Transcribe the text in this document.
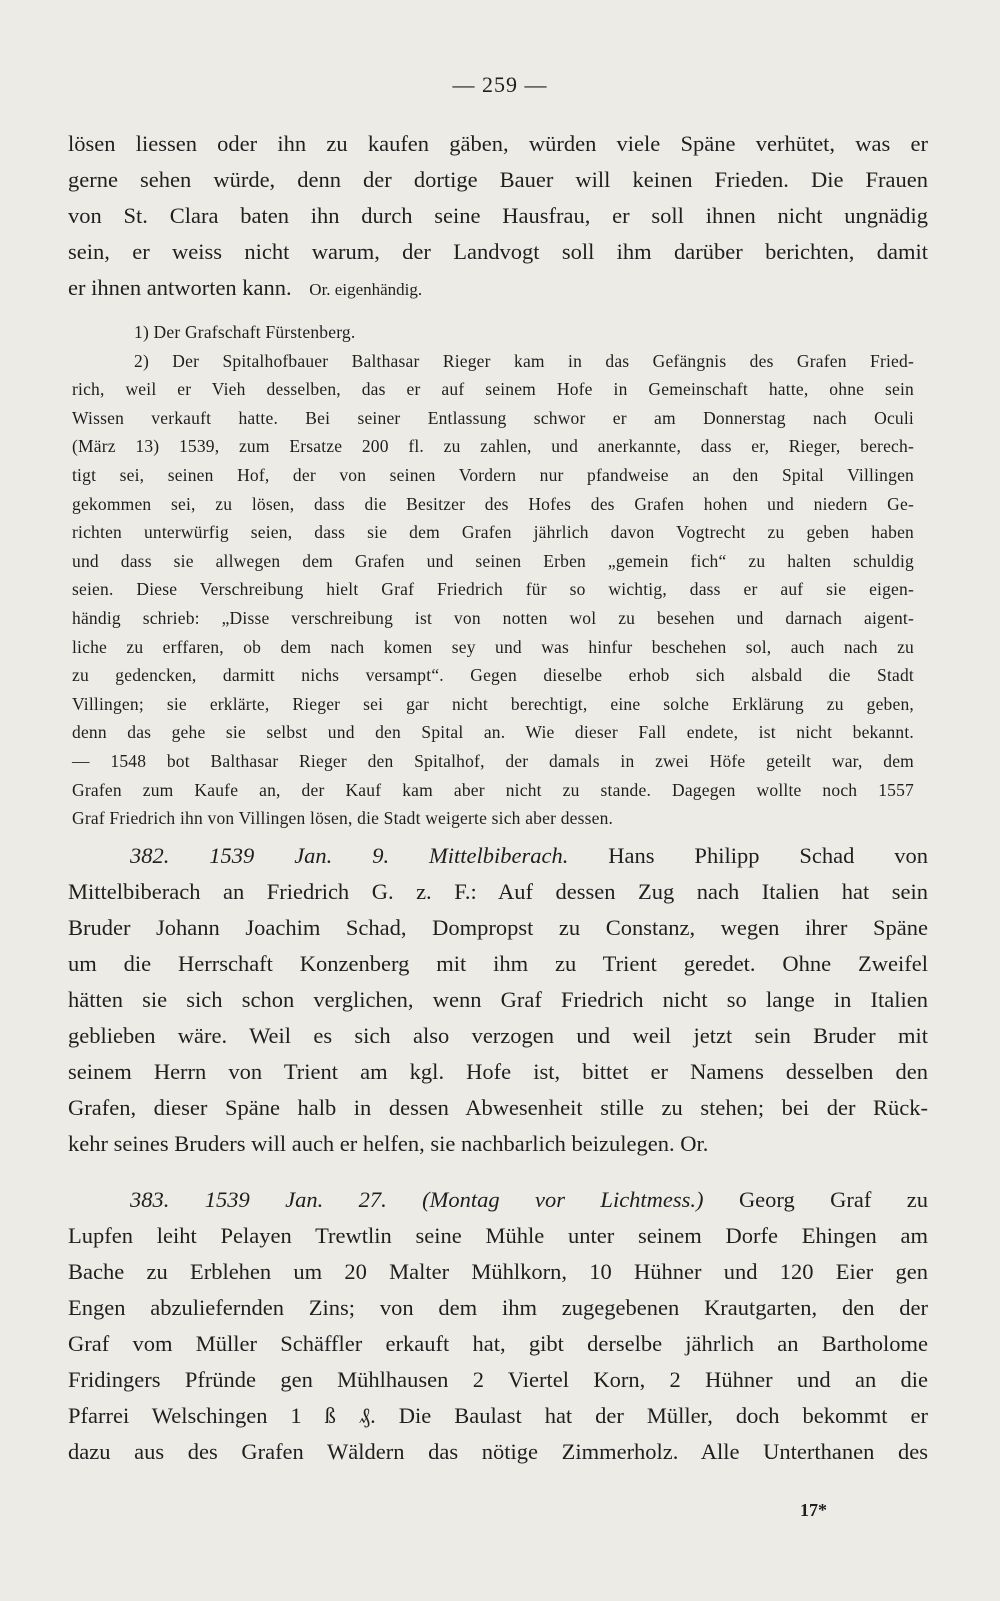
— 259 —
lösen liessen oder ihn zu kaufen gäben, würden viele Späne verhütet, was er
gerne sehen würde, denn der dortige Bauer will keinen Frieden. Die Frauen
von St. Clara baten ihn durch seine Hausfrau, er soll ihnen nicht ungnädig
sein, er weiss nicht warum, der Landvogt soll ihm darüber berichten, damit
er ihnen antworten kann. Or. eigenhändig.
1) Der Grafschaft Fürstenberg.
2) Der Spitalhofbauer Balthasar Rieger kam in das Gefängnis des Grafen Fried-
rich, weil er Vieh desselben, das er auf seinem Hofe in Gemeinschaft hatte, ohne sein
Wissen verkauft hatte. Bei seiner Entlassung schwor er am Donnerstag nach Oculi
(März 13) 1539, zum Ersatze 200 fl. zu zahlen, und anerkannte, dass er, Rieger, berech-
tigt sei, seinen Hof, der von seinen Vordern nur pfandweise an den Spital Villingen
gekommen sei, zu lösen, dass die Besitzer des Hofes des Grafen hohen und niedern Ge-
richten unterwürfig seien, dass sie dem Grafen jährlich davon Vogtrecht zu geben haben
und dass sie allwegen dem Grafen und seinen Erben „gemein fich“ zu halten schuldig
seien. Diese Verschreibung hielt Graf Friedrich für so wichtig, dass er auf sie eigen-
händig schrieb: „Disse verschreibung ist von notten wol zu besehen und darnach aigent-
liche zu erffaren, ob dem nach komen sey und was hinfur beschehen sol, auch nach zu
zu gedencken, darmitt nichs versampt“. Gegen dieselbe erhob sich alsbald die Stadt
Villingen; sie erklärte, Rieger sei gar nicht berechtigt, eine solche Erklärung zu geben,
denn das gehe sie selbst und den Spital an. Wie dieser Fall endete, ist nicht bekannt.
— 1548 bot Balthasar Rieger den Spitalhof, der damals in zwei Höfe geteilt war, dem
Grafen zum Kaufe an, der Kauf kam aber nicht zu stande. Dagegen wollte noch 1557
Graf Friedrich ihn von Villingen lösen, die Stadt weigerte sich aber dessen.
382. 1539 Jan. 9. Mittelbiberach. Hans Philipp Schad von
Mittelbiberach an Friedrich G. z. F.: Auf dessen Zug nach Italien hat sein
Bruder Johann Joachim Schad, Dompropst zu Constanz, wegen ihrer Späne
um die Herrschaft Konzenberg mit ihm zu Trient geredet. Ohne Zweifel
hätten sie sich schon verglichen, wenn Graf Friedrich nicht so lange in Italien
geblieben wäre. Weil es sich also verzogen und weil jetzt sein Bruder mit
seinem Herrn von Trient am kgl. Hofe ist, bittet er Namens desselben den
Grafen, dieser Späne halb in dessen Abwesenheit stille zu stehen; bei der Rück-
kehr seines Bruders will auch er helfen, sie nachbarlich beizulegen. Or.
383. 1539 Jan. 27. (Montag vor Lichtmess.) Georg Graf zu
Lupfen leiht Pelayen Trewtlin seine Mühle unter seinem Dorfe Ehingen am
Bache zu Erblehen um 20 Malter Mühlkorn, 10 Hühner und 120 Eier gen
Engen abzuliefernden Zins; von dem ihm zugegebenen Krautgarten, den der
Graf vom Müller Schäffler erkauft hat, gibt derselbe jährlich an Bartholome
Fridingers Pfründe gen Mühlhausen 2 Viertel Korn, 2 Hühner und an die
Pfarrei Welschingen 1 ß ₰. Die Baulast hat der Müller, doch bekommt er
dazu aus des Grafen Wäldern das nötige Zimmerholz. Alle Unterthanen des
17*
